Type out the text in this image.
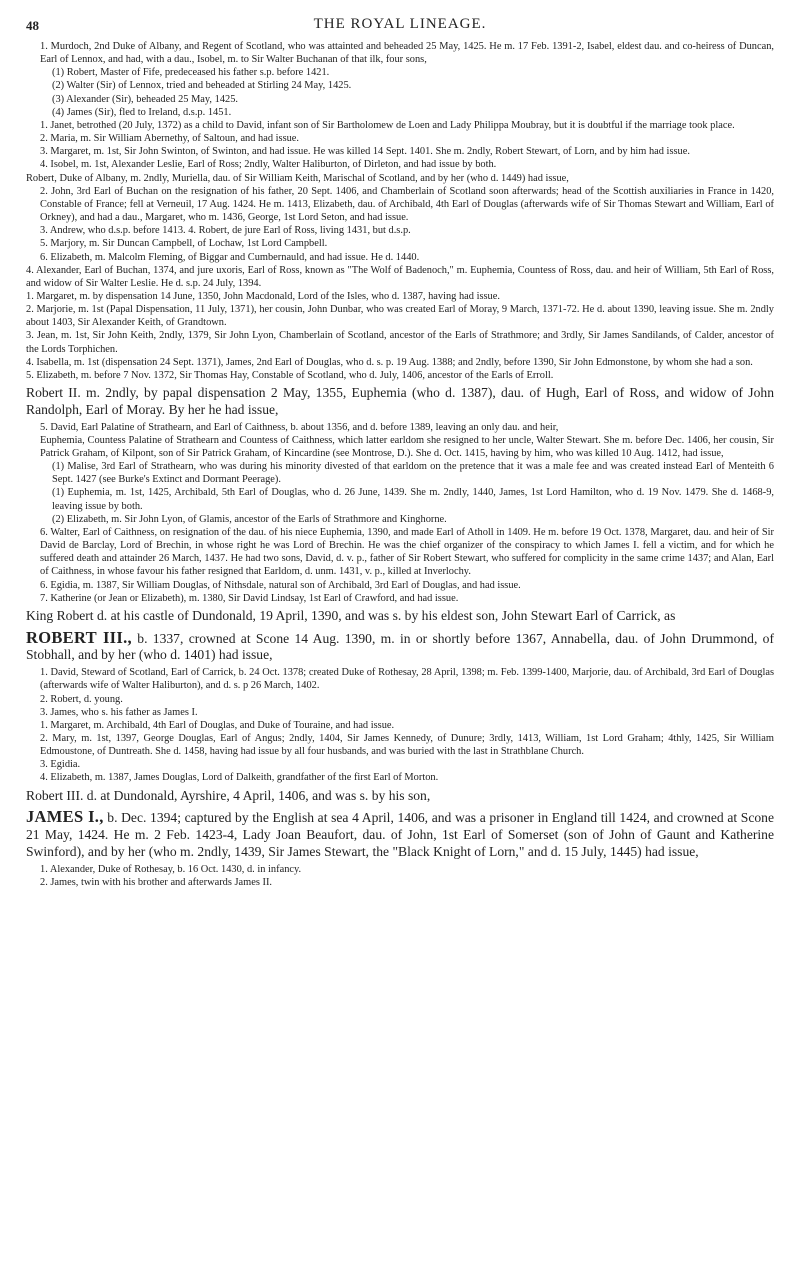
48	THE ROYAL LINEAGE.

1. Murdoch, 2nd Duke of Albany, and Regent of Scotland, who was attainted and beheaded 25 May, 1425. He m. 17 Feb. 1391-2, Isabel, eldest dau. and co-heiress of Duncan, Earl of Lennox, and had, with a dau., Isobel, m. to Sir Walter Buchanan of that ilk, four sons,

(1) Robert, Master of Fife, predeceased his father s.p. before 1421.

(2) Walter (Sir) of Lennox, tried and beheaded at Stirling 24 May, 1425.

(3) Alexander (Sir), beheaded 25 May, 1425.

(4) James (Sir), fled to Ireland, d.s.p. 1451.

1. Janet, betrothed (20 July, 1372) as a child to David, infant son of Sir Bartholomew de Loen and Lady Philippa Moubray, but it is doubtful if the marriage took place.

2. Maria, m. Sir William Abernethy, of Saltoun, and had issue.

3. Margaret, m. 1st, Sir John Swinton, of Swinton, and had issue. He was killed 14 Sept. 1401. She m. 2ndly, Robert Stewart, of Lorn, and by him had issue.

4. Isobel, m. 1st, Alexander Leslie, Earl of Ross; 2ndly, Walter Haliburton, of Dirleton, and had issue by both.

Robert, Duke of Albany, m. 2ndly, Muriella, dau. of Sir William Keith, Marischal of Scotland, and by her (who d. 1449) had issue,

2. John, 3rd Earl of Buchan on the resignation of his father, 20 Sept. 1406, and Chamberlain of Scotland soon afterwards; head of the Scottish auxiliaries in France in 1420, Constable of France; fell at Verneuil, 17 Aug. 1424. He m. 1413, Elizabeth, dau. of Archibald, 4th Earl of Douglas (afterwards wife of Sir Thomas Stewart and William, Earl of Orkney), and had a dau., Margaret, who m. 1436, George, 1st Lord Seton, and had issue.

3. Andrew, who d.s.p. before 1413. 4. Robert, de jure Earl of Ross, living 1431, but d.s.p.

5. Marjory, m. Sir Duncan Campbell, of Lochaw, 1st Lord Campbell.

6. Elizabeth, m. Malcolm Fleming, of Biggar and Cumbernauld, and had issue. He d. 1440.

4. Alexander, Earl of Buchan, 1374, and jure uxoris, Earl of Ross, known as "The Wolf of Badenoch," m. Euphemia, Countess of Ross, dau. and heir of William, 5th Earl of Ross, and widow of Sir Walter Leslie. He d. s.p. 24 July, 1394.

1. Margaret, m. by dispensation 14 June, 1350, John Macdonald, Lord of the Isles, who d. 1387, having had issue.

2. Marjorie, m. 1st (Papal Dispensation, 11 July, 1371), her cousin, John Dunbar, who was created Earl of Moray, 9 March, 1371-72. He d. about 1390, leaving issue. She m. 2ndly about 1403, Sir Alexander Keith, of Grandtown.

3. Jean, m. 1st, Sir John Keith, 2ndly, 1379, Sir John Lyon, Chamberlain of Scotland, ancestor of the Earls of Strathmore; and 3rdly, Sir James Sandilands, of Calder, ancestor of the Lords Torphichen.

4. Isabella, m. 1st (dispensation 24 Sept. 1371), James, 2nd Earl of Douglas, who d. s. p. 19 Aug. 1388; and 2ndly, before 1390, Sir John Edmonstone, by whom she had a son.

5. Elizabeth, m. before 7 Nov. 1372, Sir Thomas Hay, Constable of Scotland, who d. July, 1406, ancestor of the Earls of Erroll.

Robert II. m. 2ndly, by papal dispensation 2 May, 1355, Euphemia (who d. 1387), dau. of Hugh, Earl of Ross, and widow of John Randolph, Earl of Moray. By her he had issue,

5. David, Earl Palatine of Strathearn, and Earl of Caithness, b. about 1356, and d. before 1389, leaving an only dau. and heir,

Euphemia, Countess Palatine of Strathearn and Countess of Caithness, which latter earldom she resigned to her uncle, Walter Stewart. She m. before Dec. 1406, her cousin, Sir Patrick Graham, of Kilpont, son of Sir Patrick Graham, of Kincardine (see Montrose, D.). She d. Oct. 1415, having by him, who was killed 10 Aug. 1412, had issue,

(1) Malise, 3rd Earl of Strathearn, who was during his minority divested of that earldom on the pretence that it was a male fee and was created instead Earl of Menteith 6 Sept. 1427 (see Burke's Extinct and Dormant Peerage).

(1) Euphemia, m. 1st, 1425, Archibald, 5th Earl of Douglas, who d. 26 June, 1439. She m. 2ndly, 1440, James, 1st Lord Hamilton, who d. 19 Nov. 1479. She d. 1468-9, leaving issue by both.

(2) Elizabeth, m. Sir John Lyon, of Glamis, ancestor of the Earls of Strathmore and Kinghorne.

6. Walter, Earl of Caithness, on resignation of the dau. of his niece Euphemia, 1390, and made Earl of Atholl in 1409. He m. before 19 Oct. 1378, Margaret, dau. and heir of Sir David de Barclay, Lord of Brechin, in whose right he was Lord of Brechin. He was the chief organizer of the conspiracy to which James I. fell a victim, and for which he suffered death and attainder 26 March, 1437. He had two sons, David, d. v. p., father of Sir Robert Stewart, who suffered for complicity in the same crime 1437; and Alan, Earl of Caithness, in whose favour his father resigned that Earldom, d. unm. 1431, v. p., killed at Inverlochy.

6. Egidia, m. 1387, Sir William Douglas, of Nithsdale, natural son of Archibald, 3rd Earl of Douglas, and had issue.

7. Katherine (or Jean or Elizabeth), m. 1380, Sir David Lindsay, 1st Earl of Crawford, and had issue.

King Robert d. at his castle of Dundonald, 19 April, 1390, and was s. by his eldest son, John Stewart Earl of Carrick, as

ROBERT III., b. 1337, crowned at Scone 14 Aug. 1390, m. in or shortly before 1367, Annabella, dau. of John Drummond, of Stobhall, and by her (who d. 1401) had issue,

1. David, Steward of Scotland, Earl of Carrick, b. 24 Oct. 1378; created Duke of Rothesay, 28 April, 1398; m. Feb. 1399-1400, Marjorie, dau. of Archibald, 3rd Earl of Douglas (afterwards wife of Walter Haliburton), and d. s. p 26 March, 1402.

2. Robert, d. young.

3. James, who s. his father as James I.

1. Margaret, m. Archibald, 4th Earl of Douglas, and Duke of Touraine, and had issue.

2. Mary, m. 1st, 1397, George Douglas, Earl of Angus; 2ndly, 1404, Sir James Kennedy, of Dunure; 3rdly, 1413, William, 1st Lord Graham; 4thly, 1425, Sir William Edmoustone, of Duntreath. She d. 1458, having had issue by all four husbands, and was buried with the last in Strathblane Church.

3. Egidia.

4. Elizabeth, m. 1387, James Douglas, Lord of Dalkeith, grandfather of the first Earl of Morton.

Robert III. d. at Dundonald, Ayrshire, 4 April, 1406, and was s. by his son,

JAMES I., b. Dec. 1394; captured by the English at sea 4 April, 1406, and was a prisoner in England till 1424, and crowned at Scone 21 May, 1424. He m. 2 Feb. 1423-4, Lady Joan Beaufort, dau. of John, 1st Earl of Somerset (son of John of Gaunt and Katherine Swinford), and by her (who m. 2ndly, 1439, Sir James Stewart, the "Black Knight of Lorn," and d. 15 July, 1445) had issue,

1. Alexander, Duke of Rothesay, b. 16 Oct. 1430, d. in infancy.

2. James, twin with his brother and afterwards James II.
